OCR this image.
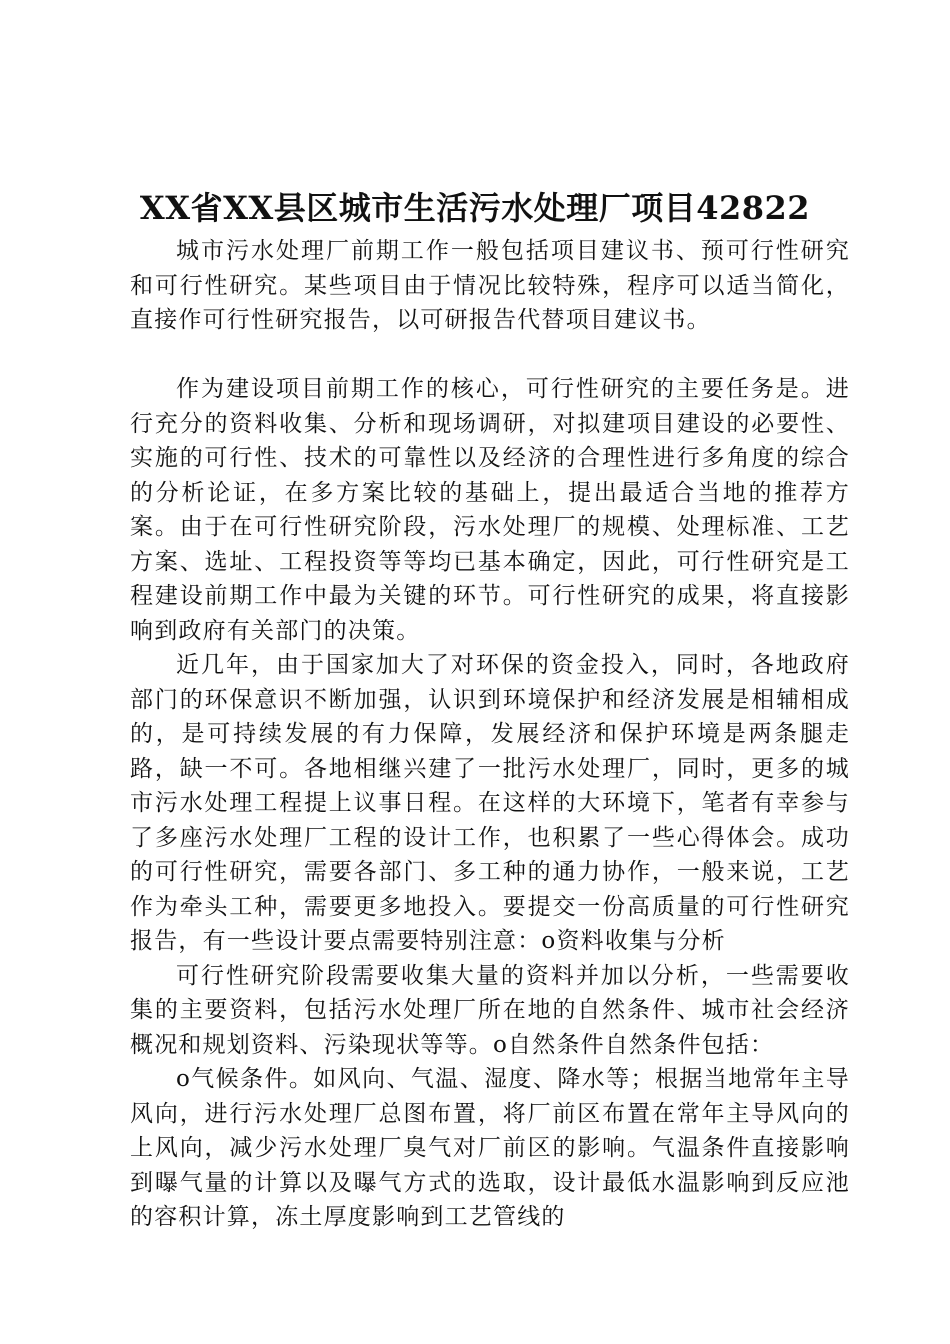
XX省XX县区城市生活污水处理厂项目42822

城市污水处理厂前期工作一般包括项目建议书、预可行性研究和可行性研究。某些项目由于情况比较特殊，程序可以适当简化，直接作可行性研究报告，以可研报告代替项目建议书。

作为建设项目前期工作的核心，可行性研究的主要任务是。进行充分的资料收集、分析和现场调研，对拟建项目建设的必要性、实施的可行性、技术的可靠性以及经济的合理性进行多角度的综合的分析论证，在多方案比较的基础上，提出最适合当地的推荐方案。由于在可行性研究阶段，污水处理厂的规模、处理标准、工艺方案、选址、工程投资等等均已基本确定，因此，可行性研究是工程建设前期工作中最为关键的环节。可行性研究的成果，将直接影响到政府有关部门的决策。

近几年，由于国家加大了对环保的资金投入，同时，各地政府部门的环保意识不断加强，认识到环境保护和经济发展是相辅相成的，是可持续发展的有力保障，发展经济和保护环境是两条腿走路，缺一不可。各地相继兴建了一批污水处理厂，同时，更多的城市污水处理工程提上议事日程。在这样的大环境下，笔者有幸参与了多座污水处理厂工程的设计工作，也积累了一些心得体会。成功的可行性研究，需要各部门、多工种的通力协作，一般来说，工艺作为牵头工种，需要更多地投入。要提交一份高质量的可行性研究报告，有一些设计要点需要特别注意：o资料收集与分析

可行性研究阶段需要收集大量的资料并加以分析，一些需要收集的主要资料，包括污水处理厂所在地的自然条件、城市社会经济概况和规划资料、污染现状等等。o自然条件自然条件包括：

o气候条件。如风向、气温、湿度、降水等；根据当地常年主导风向，进行污水处理厂总图布置，将厂前区布置在常年主导风向的上风向，减少污水处理厂臭气对厂前区的影响。气温条件直接影响到曝气量的计算以及曝气方式的选取，设计最低水温影响到反应池的容积计算，冻土厚度影响到工艺管线的
